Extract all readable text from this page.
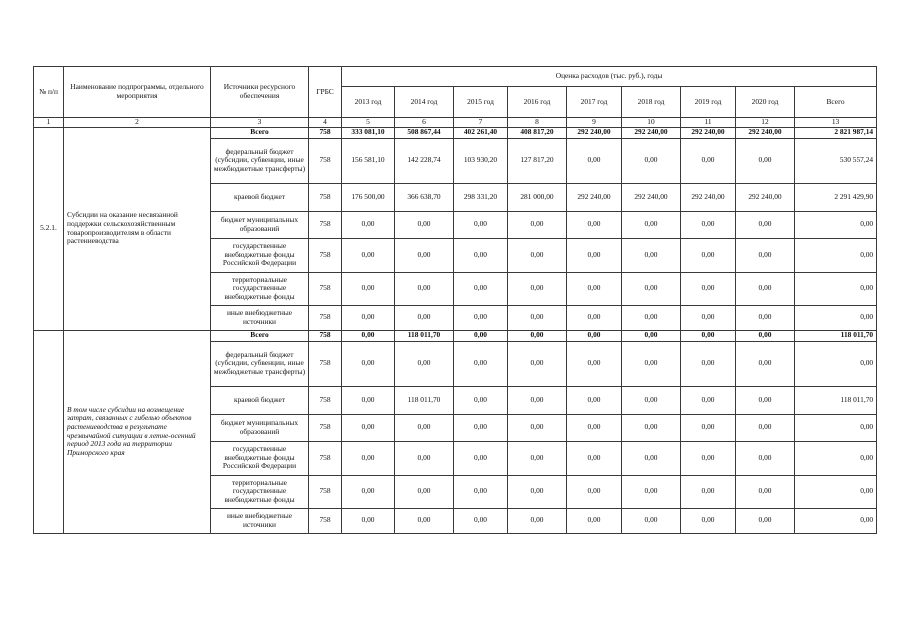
№ п/п	Наименование подпрограммы, отдельного мероприятия	Источники ресурсного обеспечения	ГРБС	Оценка расходов (тыс. руб.), годы								
				2013 год	2014 год	2015 год	2016 год	2017 год	2018 год	2019 год	2020 год	Всего
1	2	3	4	5	6	7	8	9	10	11	12	13
5.2.1.	Субсидии на оказание несвязанной поддержки сельскохозяйственным товаропроизводителям в области растениеводства	Всего	758	333 081,10	508 867,44	402 261,40	408 817,20	292 240,00	292 240,00	292 240,00	292 240,00	2 821 987,14
		федеральный бюджет (субсидии, субвенции, иные межбюджетные трансферты)	758	156 581,10	142 228,74	103 930,20	127 817,20	0,00	0,00	0,00	0,00	530 557,24
		краевой бюджет	758	176 500,00	366 638,70	298 331,20	281 000,00	292 240,00	292 240,00	292 240,00	292 240,00	2 291 429,90
		бюджет муниципальных образований	758	0,00	0,00	0,00	0,00	0,00	0,00	0,00	0,00	0,00
		государственные внебюджетные фонды Российской Федерации	758	0,00	0,00	0,00	0,00	0,00	0,00	0,00	0,00	0,00
		территориальные государственные внебюджетные фонды	758	0,00	0,00	0,00	0,00	0,00	0,00	0,00	0,00	0,00
		иные внебюджетные источники	758	0,00	0,00	0,00	0,00	0,00	0,00	0,00	0,00	0,00
	В том числе субсидии на возмещение затрат, связанных с гибелью объектов растениеводства в результате чрезвычайной ситуации в летне-осенний период 2013 года на территории Приморского края	Всего	758	0,00	118 011,70	0,00	0,00	0,00	0,00	0,00	0,00	118 011,70
		федеральный бюджет (субсидии, субвенции, иные межбюджетные трансферты)	758	0,00	0,00	0,00	0,00	0,00	0,00	0,00	0,00	0,00
		краевой бюджет	758	0,00	118 011,70	0,00	0,00	0,00	0,00	0,00	0,00	118 011,70
		бюджет муниципальных образований	758	0,00	0,00	0,00	0,00	0,00	0,00	0,00	0,00	0,00
		государственные внебюджетные фонды Российской Федерации	758	0,00	0,00	0,00	0,00	0,00	0,00	0,00	0,00	0,00
		территориальные государственные внебюджетные фонды	758	0,00	0,00	0,00	0,00	0,00	0,00	0,00	0,00	0,00
		иные внебюджетные источники	758	0,00	0,00	0,00	0,00	0,00	0,00	0,00	0,00	0,00
